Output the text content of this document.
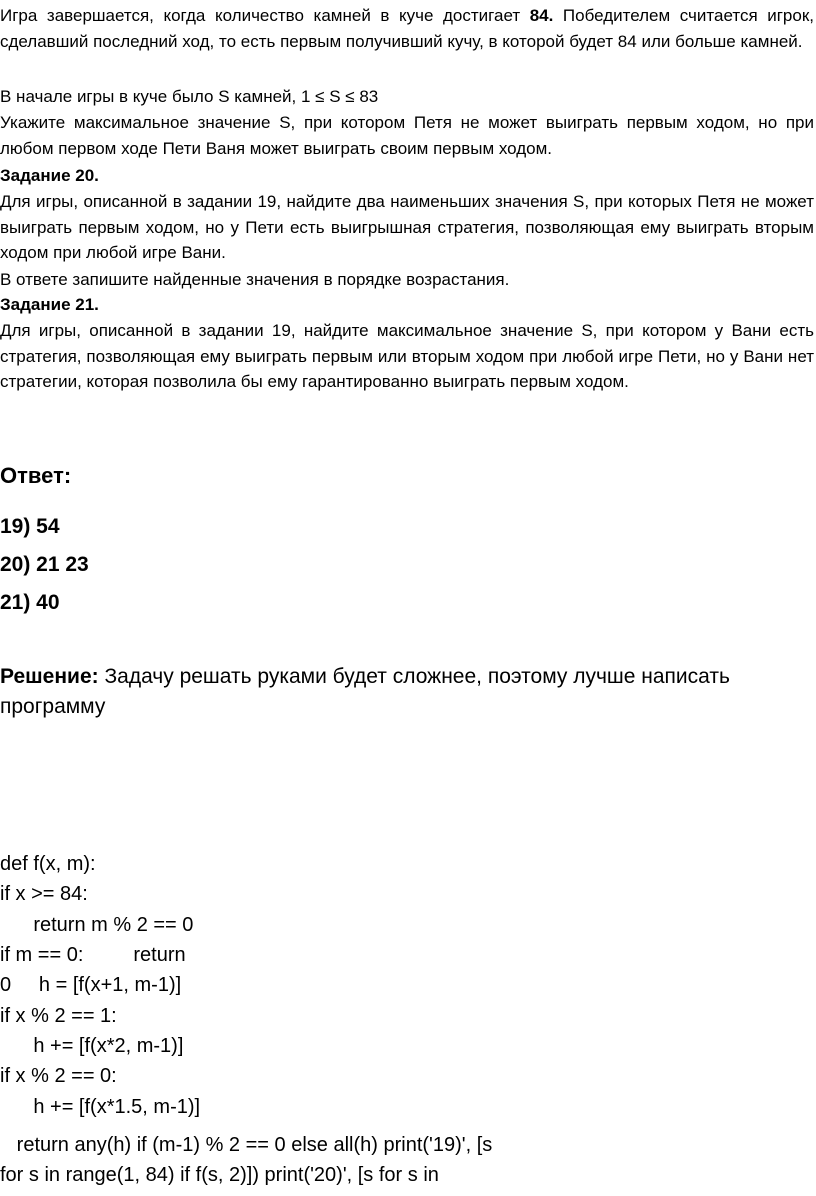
Игра завершается, когда количество камней в куче достигает 84. Победителем считается игрок, сделавший последний ход, то есть первым получивший кучу, в которой будет 84 или больше камней.

В начале игры в куче было S камней, 1 ≤ S ≤ 83

Укажите максимальное значение S, при котором Петя не может выиграть первым ходом, но при любом первом ходе Пети Ваня может выиграть своим первым ходом.

Задание 20.

Для игры, описанной в задании 19, найдите два наименьших значения S, при которых Петя не может выиграть первым ходом, но у Пети есть выигрышная стратегия, позволяющая ему выиграть вторым ходом при любой игре Вани.

В ответе запишите найденные значения в порядке возрастания.

Задание 21.

Для игры, описанной в задании 19, найдите максимальное значение S, при котором у Вани есть стратегия, позволяющая ему выиграть первым или вторым ходом при любой игре Пети, но у Вани нет стратегии, которая позволила бы ему гарантированно выиграть первым ходом.

Ответ:

19) 54

20) 21 23

21) 40

Решение: Задачу решать руками будет сложнее, поэтому лучше написать программу

def f(x, m):

if x >= 84:

return m % 2 == 0

if m == 0:         return

0     h = [f(x+1, m-1)]

if x % 2 == 1:

h += [f(x*2, m-1)]

if x % 2 == 0:

h += [f(x*1.5, m-1)]

return any(h) if (m-1) % 2 == 0 else all(h) print('19)', [s

for s in range(1, 84) if f(s, 2)]) print('20)', [s for s in
